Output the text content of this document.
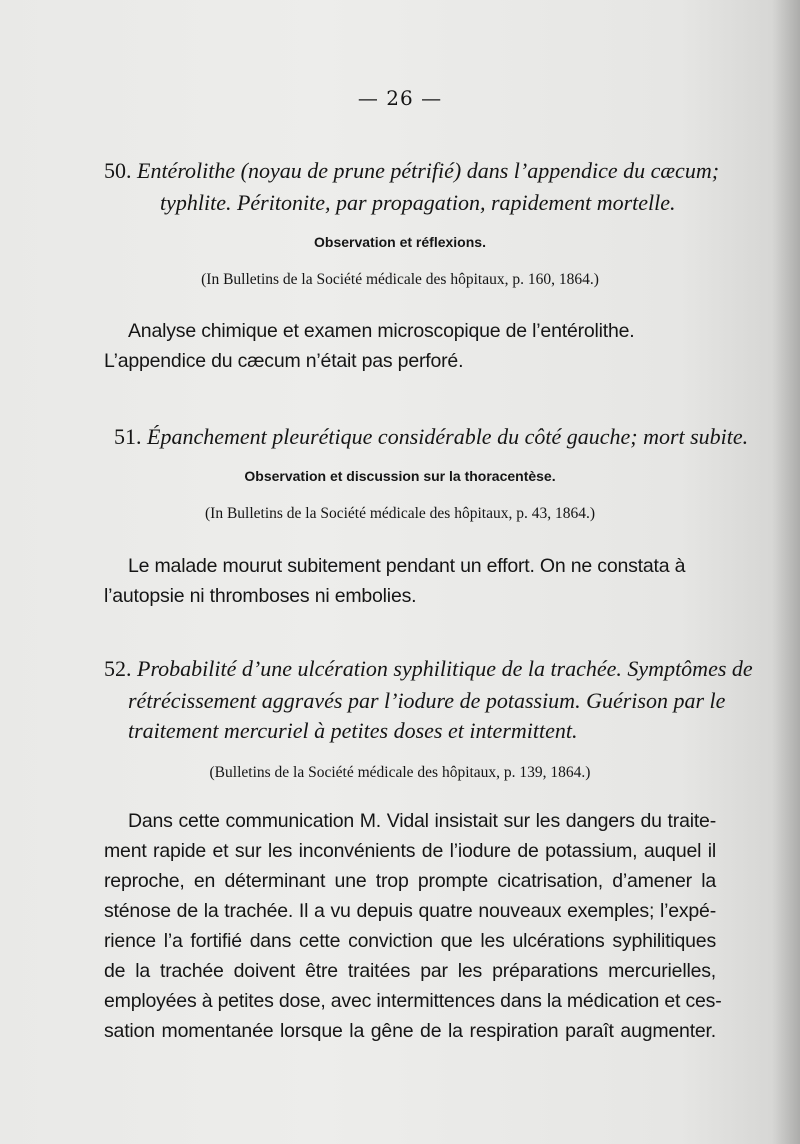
— 26 —
50. Entérolithe (noyau de prune pétrifié) dans l’appendice du cæcum;
typhlite. Péritonite, par propagation, rapidement mortelle.
Observation et réflexions.
(In Bulletins de la Société médicale des hôpitaux, p. 160, 1864.)
Analyse chimique et examen microscopique de l’entérolithe.
L’appendice du cæcum n’était pas perforé.
51. Épanchement pleurétique considérable du côté gauche; mort subite.
Observation et discussion sur la thoracentèse.
(In Bulletins de la Société médicale des hôpitaux, p. 43, 1864.)
Le malade mourut subitement pendant un effort. On ne constata à
l’autopsie ni thromboses ni embolies.
52. Probabilité d’une ulcération syphilitique de la trachée. Symptômes de
rétrécissement aggravés par l’iodure de potassium. Guérison par le
traitement mercuriel à petites doses et intermittent.
(Bulletins de la Société médicale des hôpitaux, p. 139, 1864.)
Dans cette communication M. Vidal insistait sur les dangers du traite-
ment rapide et sur les inconvénients de l’iodure de potassium, auquel il
reproche, en déterminant une trop prompte cicatrisation, d’amener la
sténose de la trachée. Il a vu depuis quatre nouveaux exemples; l’expé-
rience l’a fortifié dans cette conviction que les ulcérations syphilitiques
de la trachée doivent être traitées par les préparations mercurielles,
employées à petites dose, avec intermittences dans la médication et ces-
sation momentanée lorsque la gêne de la respiration paraît augmenter.
